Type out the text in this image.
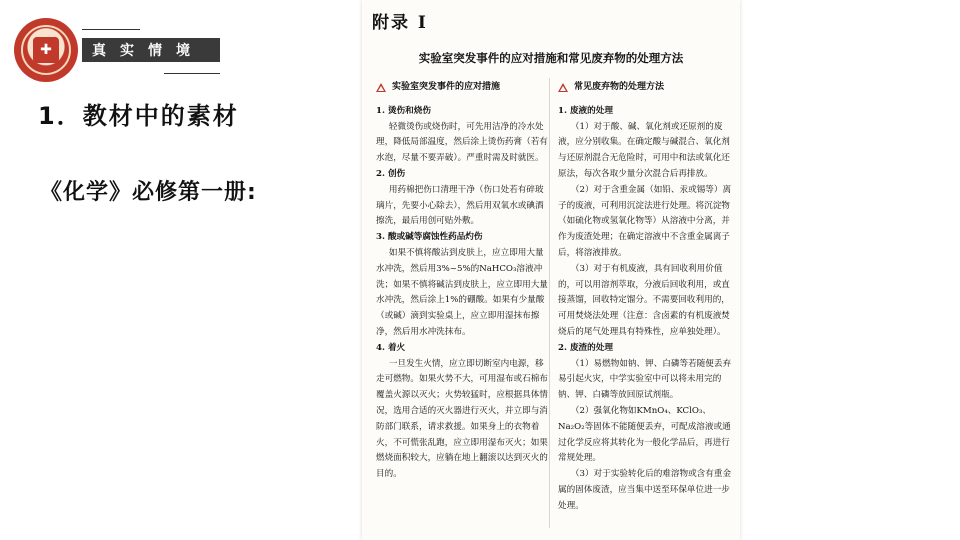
✚	真实情境
1．教材中的素材
《化学》必修第一册:
附录 I
实验室突发事件的应对措施和常见废弃物的处理方法
实验室突发事件的应对措施
1. 烫伤和烧伤
轻微烫伤或烧伤时，可先用洁净的冷水处理，降低局部温度，然后涂上烫伤药膏（若有水泡，尽量不要弄破）。严重时需及时就医。
2. 创伤
用药棉把伤口清理干净（伤口处若有碎玻璃片，先要小心除去），然后用双氧水或碘酒擦洗，最后用创可贴外敷。
3. 酸或碱等腐蚀性药品灼伤
如果不慎将酸沾到皮肤上，应立即用大量水冲洗，然后用3%~5%的NaHCO₃溶液冲洗；如果不慎将碱沾到皮肤上，应立即用大量水冲洗，然后涂上1%的硼酸。如果有少量酸（或碱）滴到实验桌上，应立即用湿抹布擦净，然后用水冲洗抹布。
4. 着火
一旦发生火情，应立即切断室内电源，移走可燃物。如果火势不大，可用湿布或石棉布覆盖火源以灭火；火势较猛时，应根据具体情况，选用合适的灭火器进行灭火，并立即与消防部门联系，请求救援。如果身上的衣物着火，不可慌张乱跑，应立即用湿布灭火；如果燃烧面积较大，应躺在地上翻滚以达到灭火的目的。
常见废弃物的处理方法
1. 废液的处理
（1）对于酸、碱、氧化剂或还原剂的废液，应分别收集。在确定酸与碱混合、氧化剂与还原剂混合无危险时，可用中和法或氧化还原法，每次各取少量分次混合后再排放。
（2）对于含重金属（如铅、汞或锡等）离子的废液，可利用沉淀法进行处理。将沉淀物（如硫化物或氢氧化物等）从溶液中分离，并作为废渣处理；在确定溶液中不含重金属离子后，将溶液排放。
（3）对于有机废液，具有回收利用价值的，可以用溶剂萃取，分液后回收利用，或直接蒸馏，回收特定馏分。不需要回收利用的，可用焚烧法处理（注意：含卤素的有机废液焚烧后的尾气处理具有特殊性，应单独处理）。
2. 废渣的处理
（1）易燃物如钠、钾、白磷等若随便丢弃易引起火灾，中学实验室中可以将未用完的钠、钾、白磷等放回原试剂瓶。
（2）强氧化物如KMnO₄、KClO₃、Na₂O₂等固体不能随便丢弃，可配成溶液或通过化学反应将其转化为一般化学品后，再进行常规处理。
（3）对于实验转化后的难溶物或含有重金属的固体废渣，应当集中送至环保单位进一步处理。
